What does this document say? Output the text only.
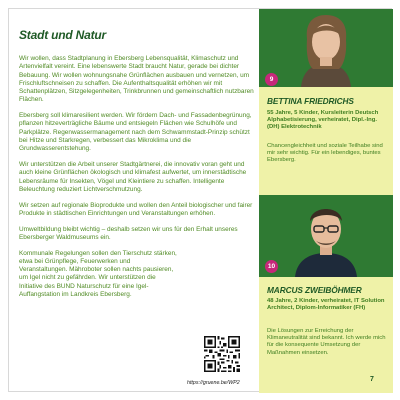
Stadt und Natur

Wir wollen, dass Stadtplanung in Ebersberg Lebensqualität, Klimaschutz und Artenvielfalt vereint. Eine lebenswerte Stadt braucht Natur, gerade bei dichter Bebauung. Wir wollen wohnungsnahe Grünflächen ausbauen und vernetzen, um Frischluftschneisen zu schaffen. Die Aufenthaltsqualität erhöhen wir mit Schattenplätzen, Sitzgelegenheiten, Trinkbrunnen und gemeinschaftlich nutzbaren Flächen.

Ebersberg soll klimaresilient werden. Wir fördern Dach- und Fassadenbegrünung, pflanzen hitzeverträgliche Bäume und entsiegeln Flächen wie Schulhöfe und Parkplätze. Regenwassermanagement nach dem Schwammstadt-Prinzip schützt bei Hitze und Starkregen, verbessert das Mikroklima und die Grundwasserentstehung.

Wir unterstützen die Arbeit unserer Stadtgärtnerei, die innovativ voran geht und auch kleine Grünflächen ökologisch und klimafest aufwertet, um innerstädtische Lebensräume für Insekten, Vögel und Kleintiere zu schaffen. Intelligente Beleuchtung reduziert Lichtverschmutzung.

Wir setzen auf regionale Bioprodukte und wollen den Anteil biologischer und fairer Produkte in städtischen Einrichtungen und Veranstaltungen erhöhen.

Umweltbildung bleibt wichtig – deshalb setzen wir uns für den Erhalt unseres Ebersberger Waldmuseums ein.

Kommunale Regelungen sollen den Tierschutz stärken, etwa bei Grünpflege, Feuerwerken und Veranstaltungen. Mähroboter sollen nachts pausieren, um Igel nicht zu gefährden. Wir unterstützen die Initiative des BUND Naturschutz für eine Igel-Auffangstation im Landkreis Ebersberg.

https://gruene.be/WP2
9
BETTINA FRIEDRICHS
55 Jahre, 5 Kinder, Kursleiterin Deutsch Alphabetisierung, verheiratet, Dipl.-Ing. (DH) Elektrotechnik
Chancengleichheit und soziale Teilhabe sind mir sehr wichtig. Für ein lebendiges, buntes Ebersberg.
10
MARCUS ZWEIBÖHMER
48 Jahre, 2 Kinder, verheiratet, IT Solution Architect, Diplom-Informatiker (FH)
Die Lösungen zur Erreichung der Klimaneutralität sind bekannt. Ich werde mich für die konsequente Umsetzung der Maßnahmen einsetzen.
7
